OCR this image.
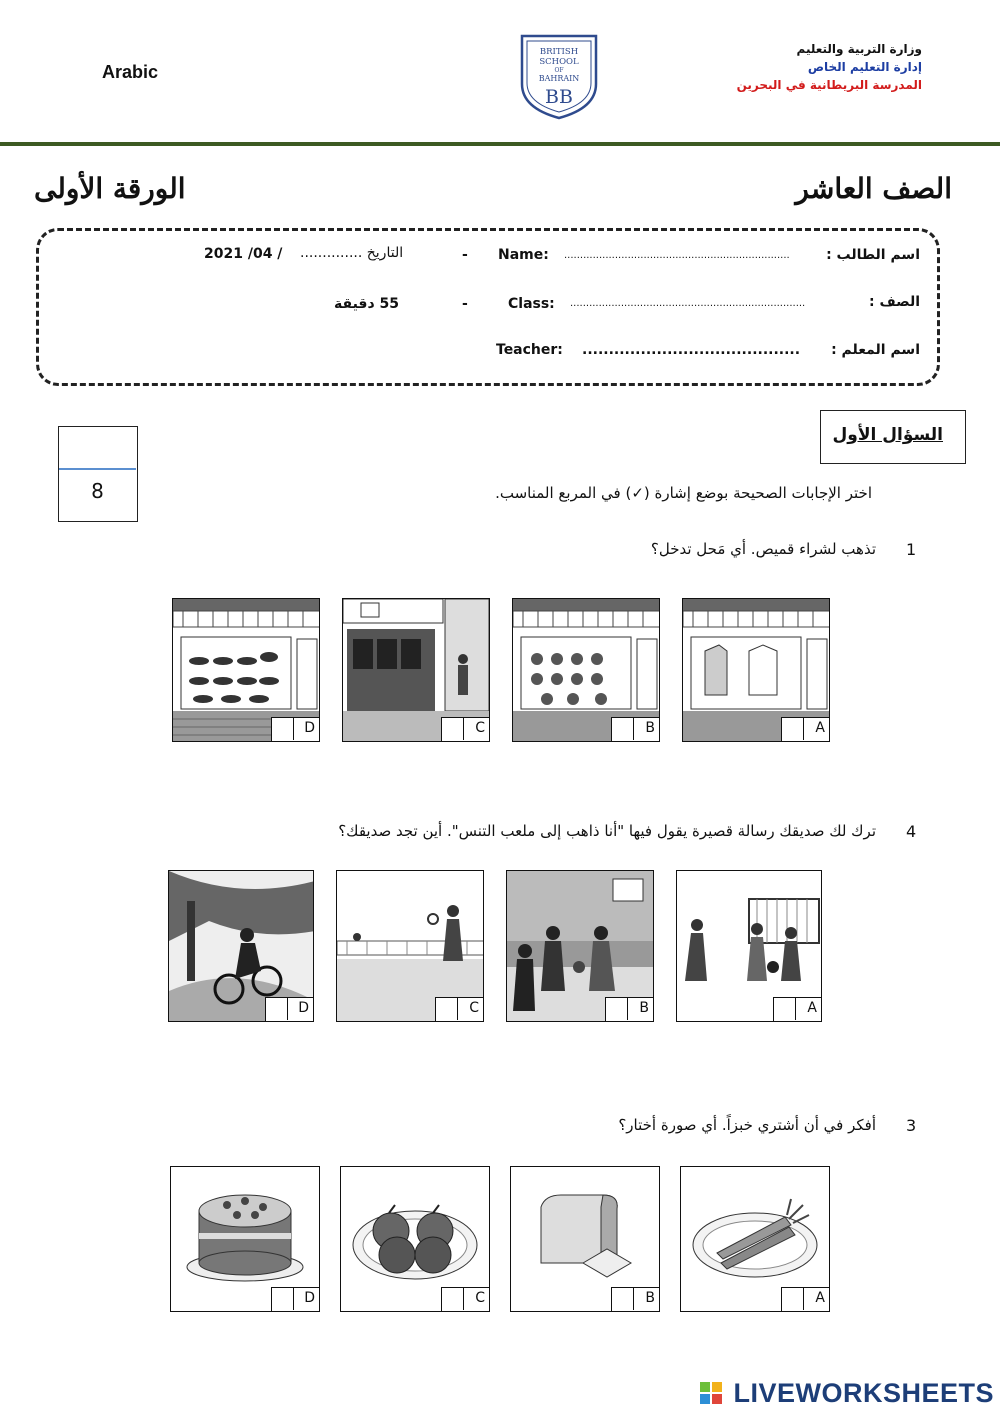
Arabic
BRITISH
SCHOOL
OF
BAHRAIN
BB
وزارة التربية والتعليم
إدارة التعليم الخاص
المدرسة البريطانية في البحرين
الصف العاشر
الورقة الأولى
اسم الطالب :
.......................................................................
Name:
-
التاريخ ..............
2021 /04 /
الصف :
..........................................................................
Class:
-
55 دقيقة
اسم المعلم :
.........................................
Teacher:
السؤال الأول
8	اختر الإجابات الصحيحة بوضع إشارة (✓) في المربع المناسب.
1
تذهب لشراء قميص. أي مَحل تدخل؟
D	C	B	A
4
ترك لك صديقك رسالة قصيرة يقول فيها "أنا ذاهب إلى ملعب التنس". أين تجد صديقك؟
D	C	B	A
3
أفكر في أن أشتري خبزاً. أي صورة أختار؟
D	C	B	A
LIVEWORKSHEETS
